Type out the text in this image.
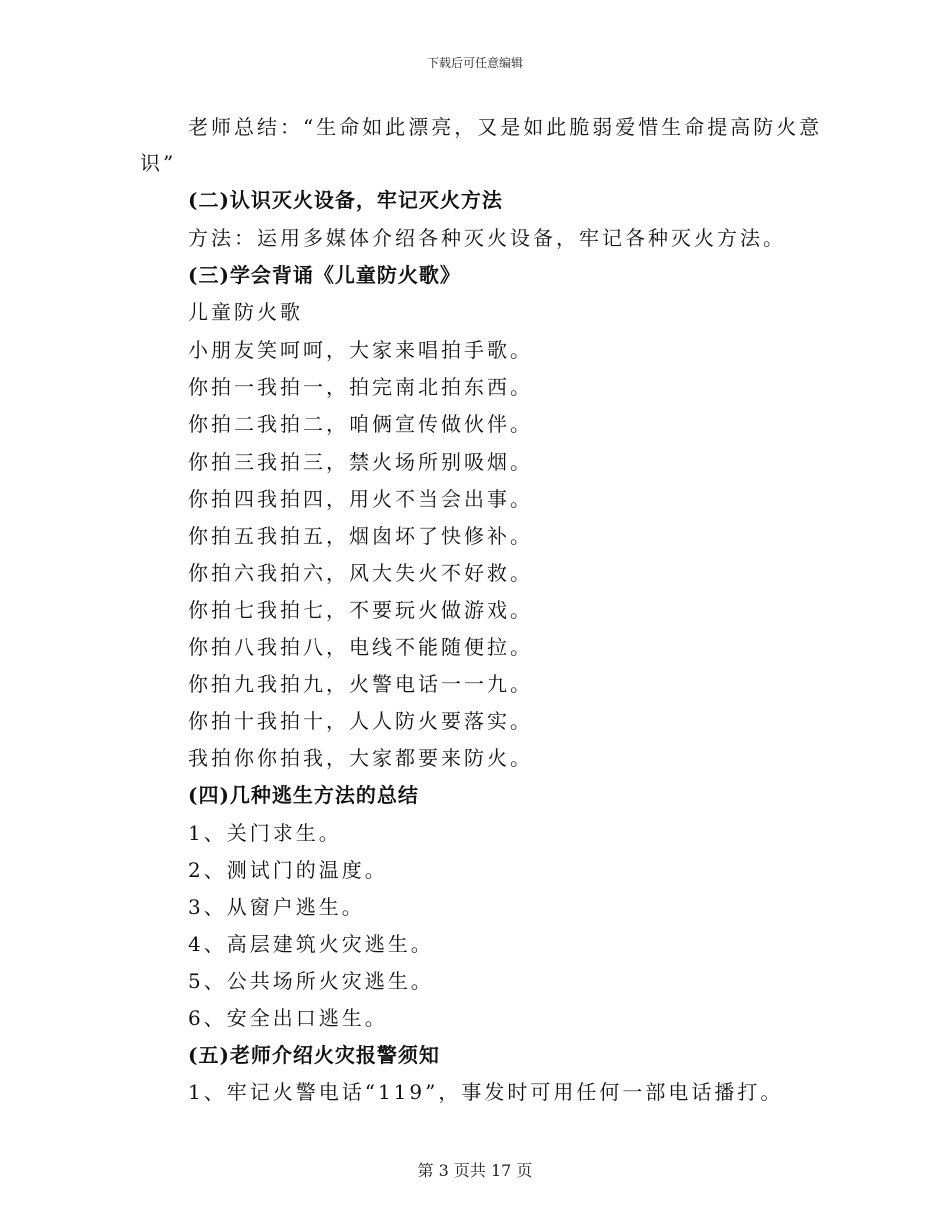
下载后可任意编辑
老师总结：“生命如此漂亮，又是如此脆弱爱惜生命提高防火意
识”
(二)认识灭火设备，牢记灭火方法
方法：运用多媒体介绍各种灭火设备，牢记各种灭火方法。
(三)学会背诵《儿童防火歌》
儿童防火歌
小朋友笑呵呵，大家来唱拍手歌。
你拍一我拍一，拍完南北拍东西。
你拍二我拍二，咱俩宣传做伙伴。
你拍三我拍三，禁火场所别吸烟。
你拍四我拍四，用火不当会出事。
你拍五我拍五，烟囱坏了快修补。
你拍六我拍六，风大失火不好救。
你拍七我拍七，不要玩火做游戏。
你拍八我拍八，电线不能随便拉。
你拍九我拍九，火警电话一一九。
你拍十我拍十，人人防火要落实。
我拍你你拍我，大家都要来防火。
(四)几种逃生方法的总结
1、关门求生。
2、测试门的温度。
3、从窗户逃生。
4、高层建筑火灾逃生。
5、公共场所火灾逃生。
6、安全出口逃生。
(五)老师介绍火灾报警须知
1、牢记火警电话“119”，事发时可用任何一部电话播打。
第 3 页共 17 页
